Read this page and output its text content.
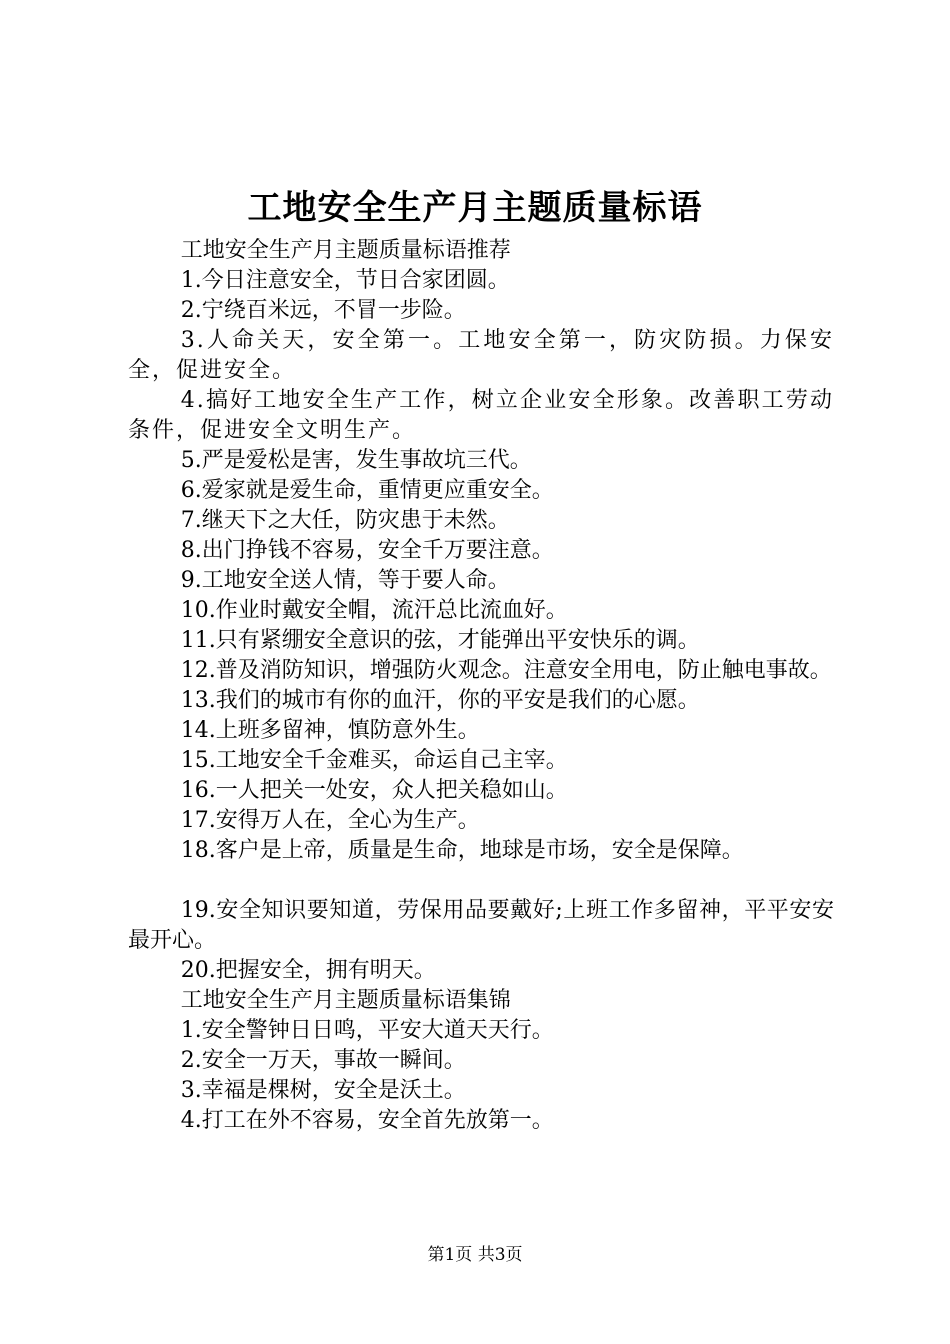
工地安全生产月主题质量标语

工地安全生产月主题质量标语推荐

1.今日注意安全，节日合家团圆。

2.宁绕百米远，不冒一步险。

3.人命关天，安全第一。工地安全第一，防灾防损。力保安全，促进安全。

4.搞好工地安全生产工作，树立企业安全形象。改善职工劳动条件，促进安全文明生产。

5.严是爱松是害，发生事故坑三代。

6.爱家就是爱生命，重情更应重安全。

7.继天下之大任，防灾患于未然。

8.出门挣钱不容易，安全千万要注意。

9.工地安全送人情，等于要人命。

10.作业时戴安全帽，流汗总比流血好。

11.只有紧绷安全意识的弦，才能弹出平安快乐的调。

12.普及消防知识，增强防火观念。注意安全用电，防止触电事故。

13.我们的城市有你的血汗，你的平安是我们的心愿。

14.上班多留神，慎防意外生。

15.工地安全千金难买，命运自己主宰。

16.一人把关一处安，众人把关稳如山。

17.安得万人在，全心为生产。

18.客户是上帝，质量是生命，地球是市场，安全是保障。

19.安全知识要知道，劳保用品要戴好;上班工作多留神，平平安安最开心。

20.把握安全，拥有明天。

工地安全生产月主题质量标语集锦

1.安全警钟日日鸣，平安大道天天行。

2.安全一万天，事故一瞬间。

3.幸福是棵树，安全是沃土。

4.打工在外不容易，安全首先放第一。

第1页 共3页
